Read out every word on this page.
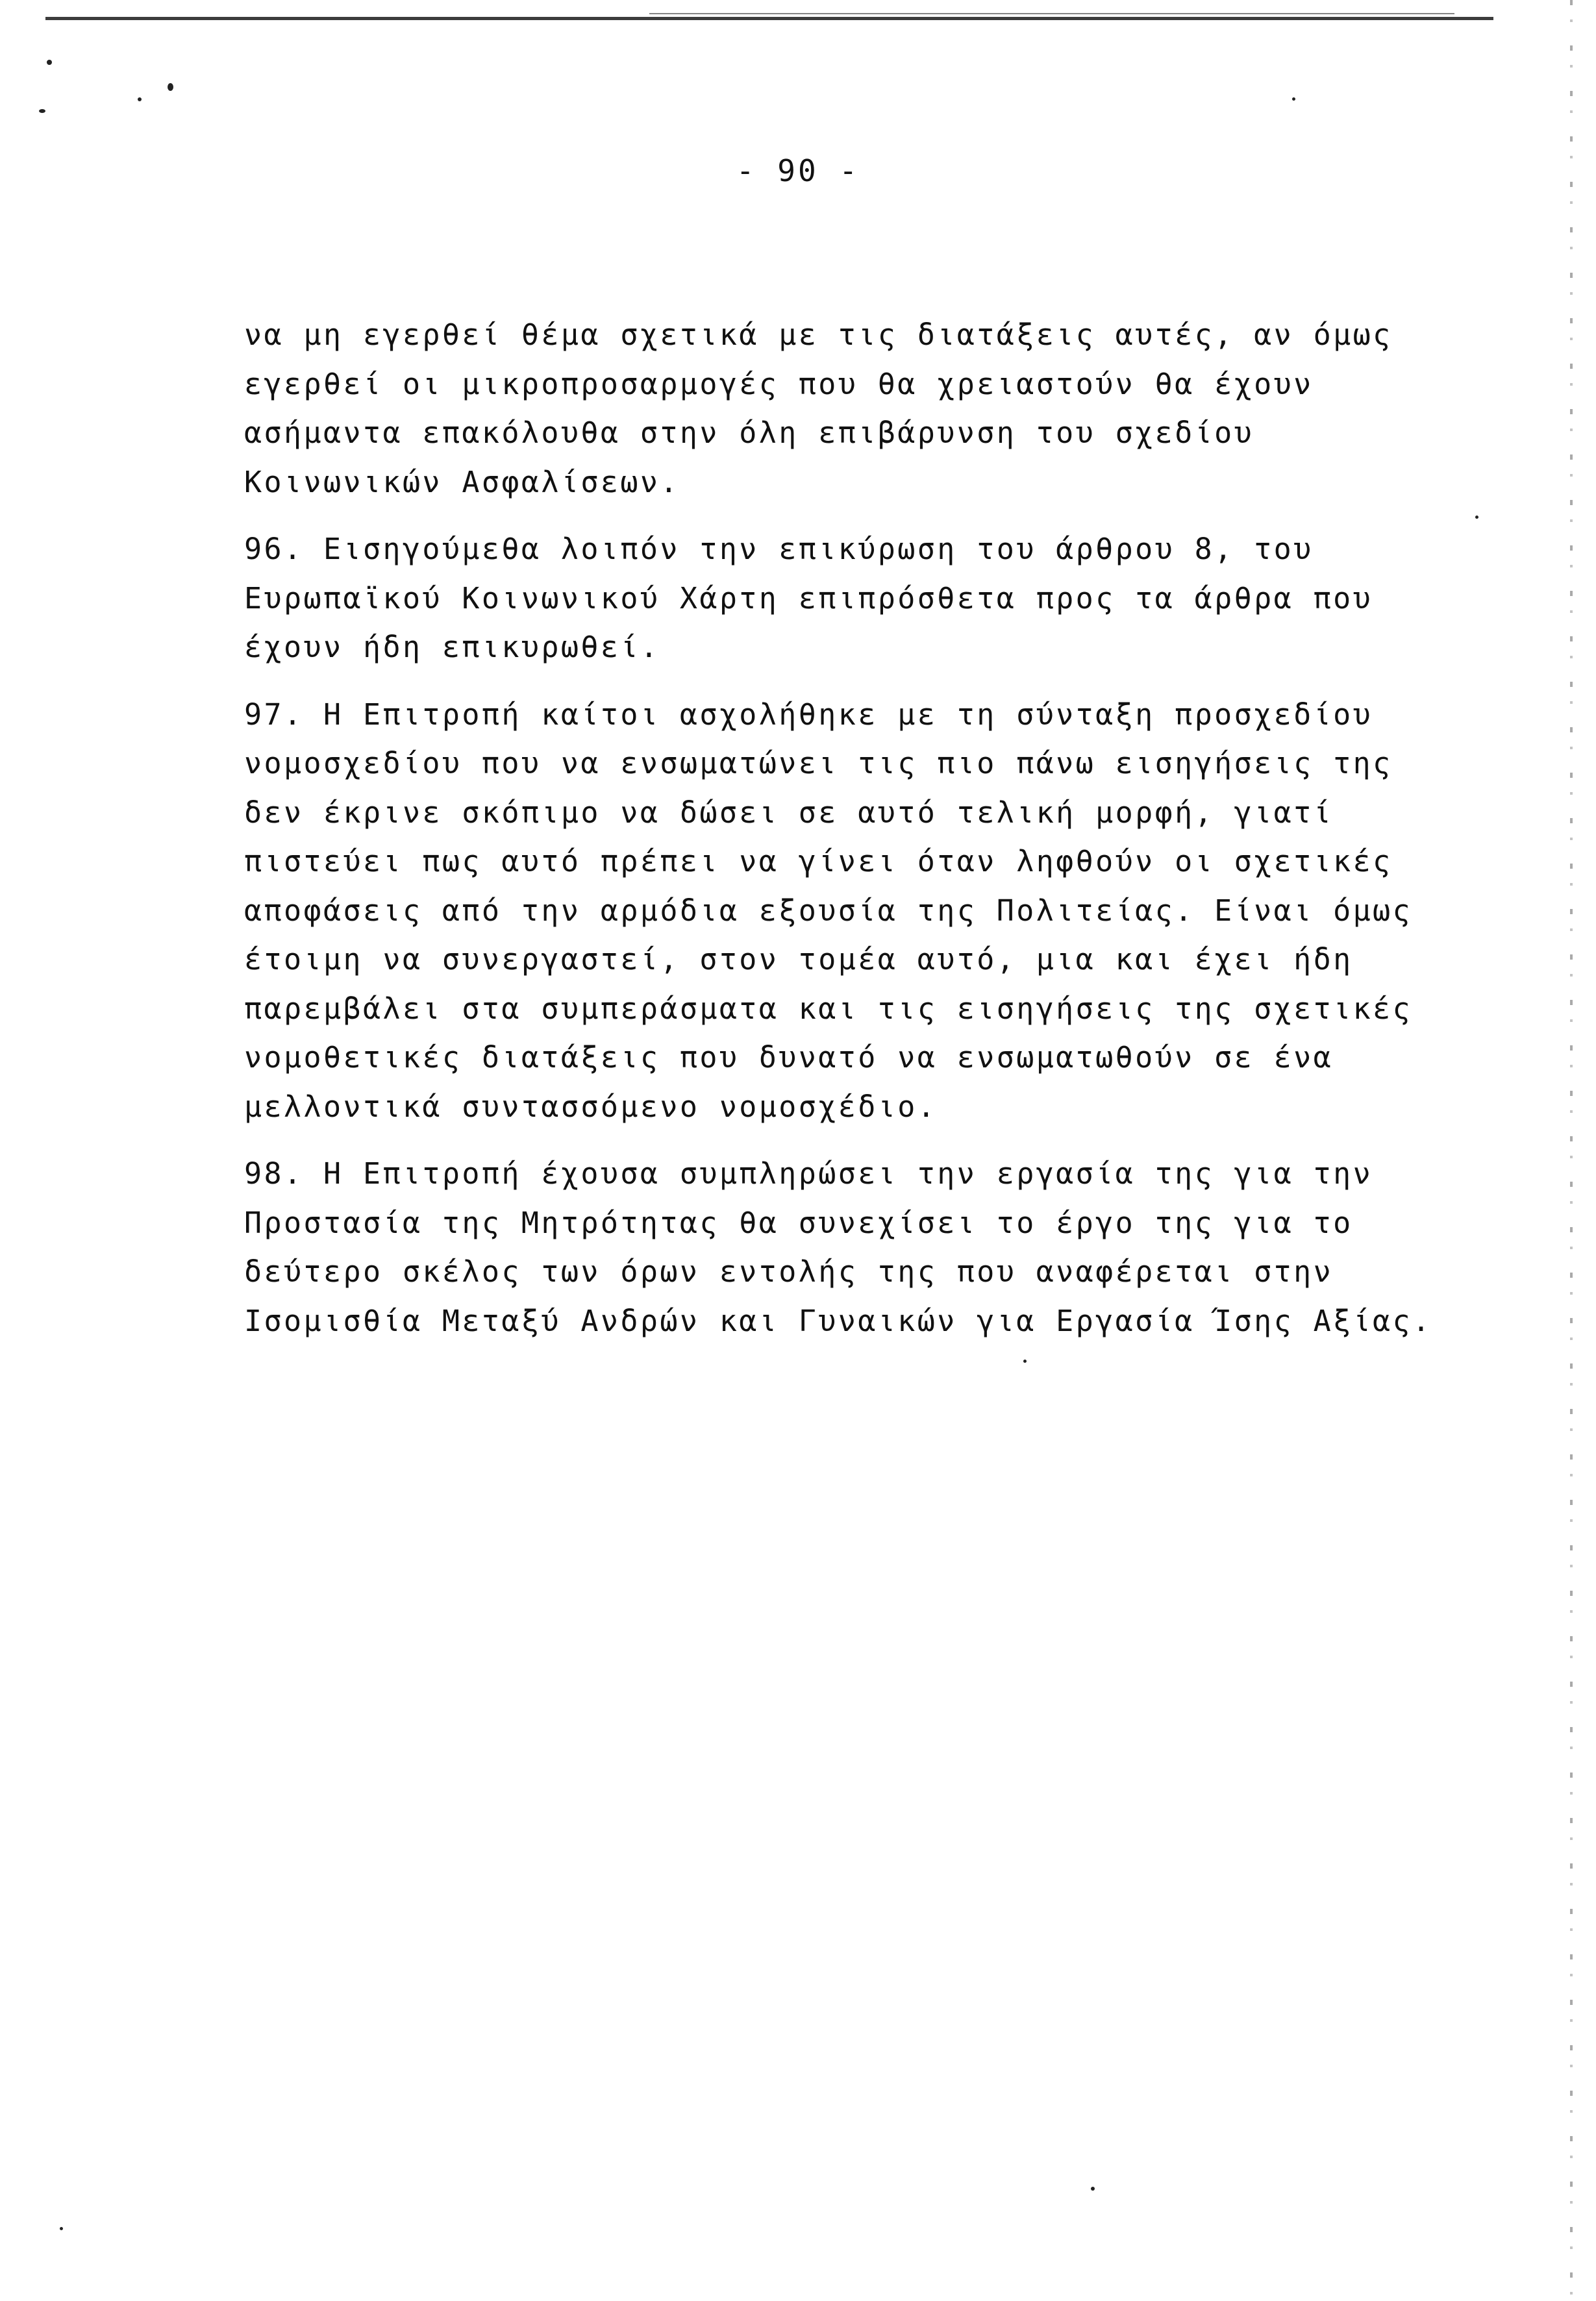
- 90 -
να μη εγερθεί θέμα σχετικά με τις διατάξεις αυτές, αν όμως
εγερθεί οι μικροπροσαρμογές που θα χρειαστούν θα έχουν
ασήμαντα επακόλουθα στην όλη επιβάρυνση του σχεδίου
Κοινωνικών Ασφαλίσεων.
96. Εισηγούμεθα λοιπόν την επικύρωση του άρθρου 8, του
Ευρωπαϊκού Κοινωνικού Χάρτη επιπρόσθετα προς τα άρθρα που
έχουν ήδη επικυρωθεί.
97. Η Επιτροπή καίτοι ασχολήθηκε με τη σύνταξη προσχεδίου
νομοσχεδίου που να ενσωματώνει τις πιο πάνω εισηγήσεις της
δεν έκρινε σκόπιμο να δώσει σε αυτό τελική μορφή, γιατί
πιστεύει πως αυτό πρέπει να γίνει όταν ληφθούν οι σχετικές
αποφάσεις από την αρμόδια εξουσία της Πολιτείας. Είναι όμως
έτοιμη να συνεργαστεί, στον τομέα αυτό, μια και έχει ήδη
παρεμβάλει στα συμπεράσματα και τις εισηγήσεις της σχετικές
νομοθετικές διατάξεις που δυνατό να ενσωματωθούν σε ένα
μελλοντικά συντασσόμενο νομοσχέδιο.
98. Η Επιτροπή έχουσα συμπληρώσει την εργασία της για την
Προστασία της Μητρότητας θα συνεχίσει το έργο της για το
δεύτερο σκέλος των όρων εντολής της που αναφέρεται στην
Ισομισθία Μεταξύ Ανδρών και Γυναικών για Εργασία Ίσης Αξίας.
